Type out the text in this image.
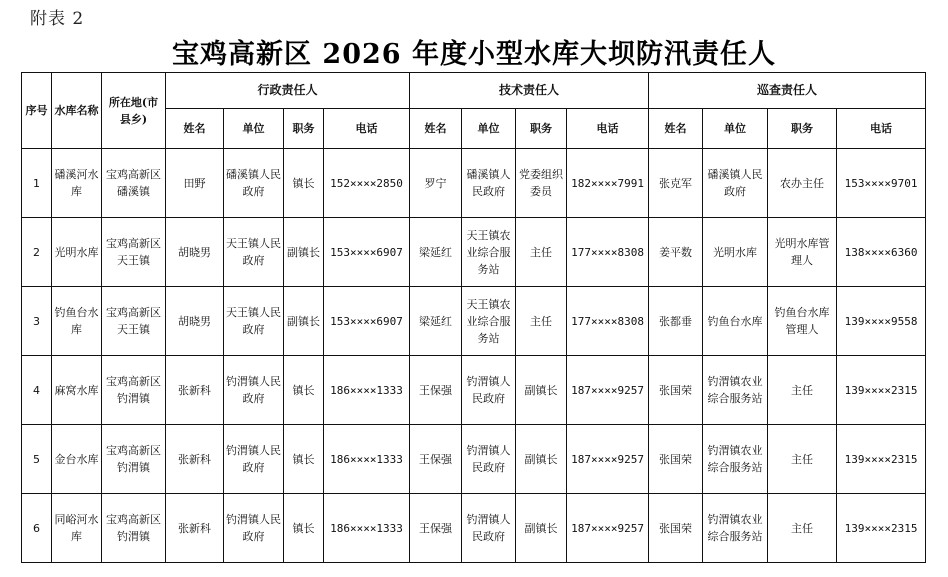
附表 2
宝鸡高新区 2026 年度小型水库大坝防汛责任人
序号	水库名称	所在地(市县乡)	行政责任人				技术责任人				巡查责任人			
			姓名	单位	职务	电话	姓名	单位	职务	电话	姓名	单位	职务	电话
1	磻溪河水库	宝鸡高新区磻溪镇	田野	磻溪镇人民政府	镇长	152××××2850	罗宁	磻溪镇人民政府	党委组织委员	182××××7991	张克军	磻溪镇人民政府	农办主任	153××××9701
2	光明水库	宝鸡高新区天王镇	胡晓男	天王镇人民政府	副镇长	153××××6907	梁延红	天王镇农业综合服务站	主任	177××××8308	姜平数	光明水库	光明水库管理人	138××××6360
3	钓鱼台水库	宝鸡高新区天王镇	胡晓男	天王镇人民政府	副镇长	153××××6907	梁延红	天王镇农业综合服务站	主任	177××××8308	张都垂	钓鱼台水库	钓鱼台水库管理人	139××××9558
4	麻窝水库	宝鸡高新区钓渭镇	张新科	钓渭镇人民政府	镇长	186××××1333	王保强	钓渭镇人民政府	副镇长	187××××9257	张国荣	钓渭镇农业综合服务站	主任	139××××2315
5	金台水库	宝鸡高新区钓渭镇	张新科	钓渭镇人民政府	镇长	186××××1333	王保强	钓渭镇人民政府	副镇长	187××××9257	张国荣	钓渭镇农业综合服务站	主任	139××××2315
6	同峪河水库	宝鸡高新区钓渭镇	张新科	钓渭镇人民政府	镇长	186××××1333	王保强	钓渭镇人民政府	副镇长	187××××9257	张国荣	钓渭镇农业综合服务站	主任	139××××2315
